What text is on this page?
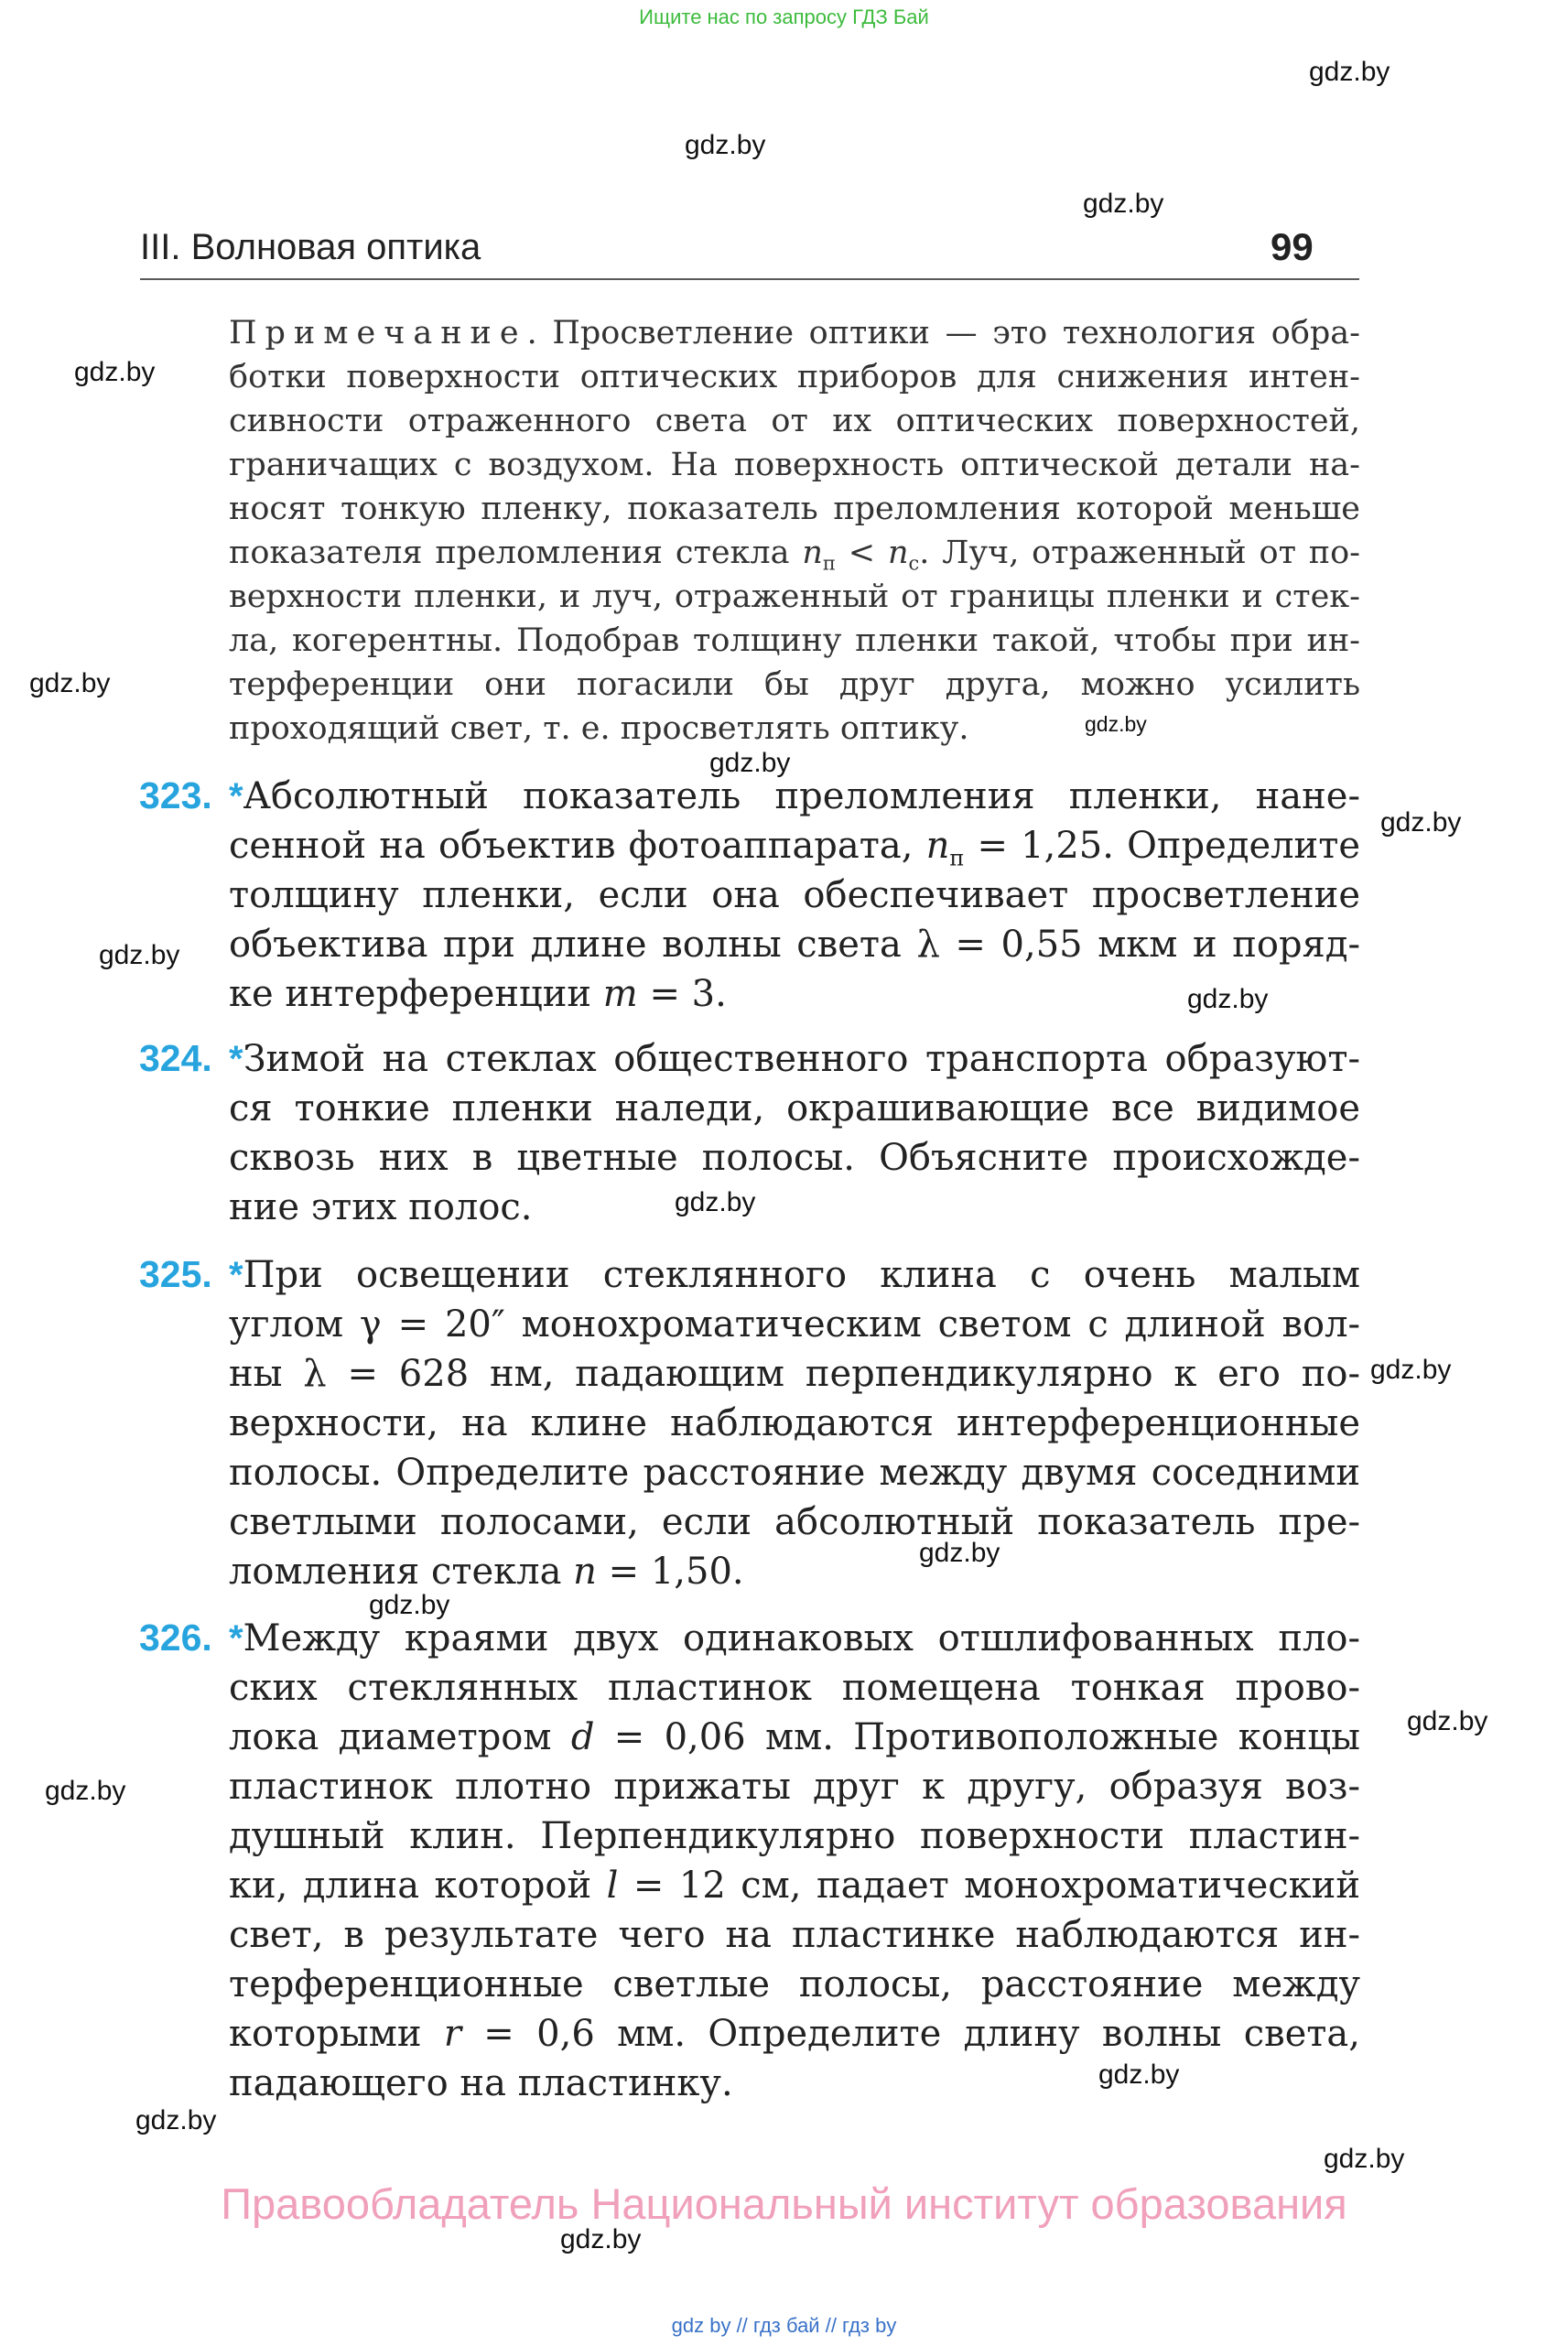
Ищите нас по запросу ГДЗ Бай
gdz.by
gdz.by
gdz.by
gdz.by
gdz.by
gdz.by
gdz.by
gdz.by
gdz.by
gdz.by
gdz.by
gdz.by
gdz.by
gdz.by
gdz.by
gdz.by
gdz.by
gdz.by
gdz.by
gdz.by
III. Волновая оптика	99
Примечание. Просветление оптики — это технология обра-
ботки поверхности оптических приборов для снижения интен-
сивности отраженного света от их оптических поверхностей,
граничащих с воздухом. На поверхность оптической детали на-
носят тонкую пленку, показатель преломления которой меньше
показателя преломления стекла $n_п < n_с$. Луч, отраженный от по-
верхности пленки, и луч, отраженный от границы пленки и стек-
ла, когерентны. Подобрав толщину пленки такой, чтобы при ин-
терференции они погасили бы друг друга, можно усилить
проходящий свет, т. е. просветлять оптику.
323. *Абсолютный показатель преломления пленки, нане-
сенной на объектив фотоаппарата, $n_п = 1,25$. Определите
толщину пленки, если она обеспечивает просветление
объектива при длине волны света λ = 0,55 мкм и поряд-
ке интерференции m = 3.
324. *Зимой на стеклах общественного транспорта образуют-
ся тонкие пленки наледи, окрашивающие все видимое
сквозь них в цветные полосы. Объясните происхожде-
ние этих полос.
325. *При освещении стеклянного клина с очень малым
углом γ = 20″ монохроматическим светом с длиной вол-
ны λ = 628 нм, падающим перпендикулярно к его по-
верхности, на клине наблюдаются интерференционные
полосы. Определите расстояние между двумя соседними
светлыми полосами, если абсолютный показатель пре-
ломления стекла n = 1,50.
326. *Между краями двух одинаковых отшлифованных пло-
ских стеклянных пластинок помещена тонкая прово-
лока диаметром d = 0,06 мм. Противоположные концы
пластинок плотно прижаты друг к другу, образуя воз-
душный клин. Перпендикулярно поверхности пластин-
ки, длина которой l = 12 см, падает монохроматический
свет, в результате чего на пластинке наблюдаются ин-
терференционные светлые полосы, расстояние между
которыми r = 0,6 мм. Определите длину волны света,
падающего на пластинку.
Правообладатель Национальный институт образования
gdz by // гдз бай // гдз by
